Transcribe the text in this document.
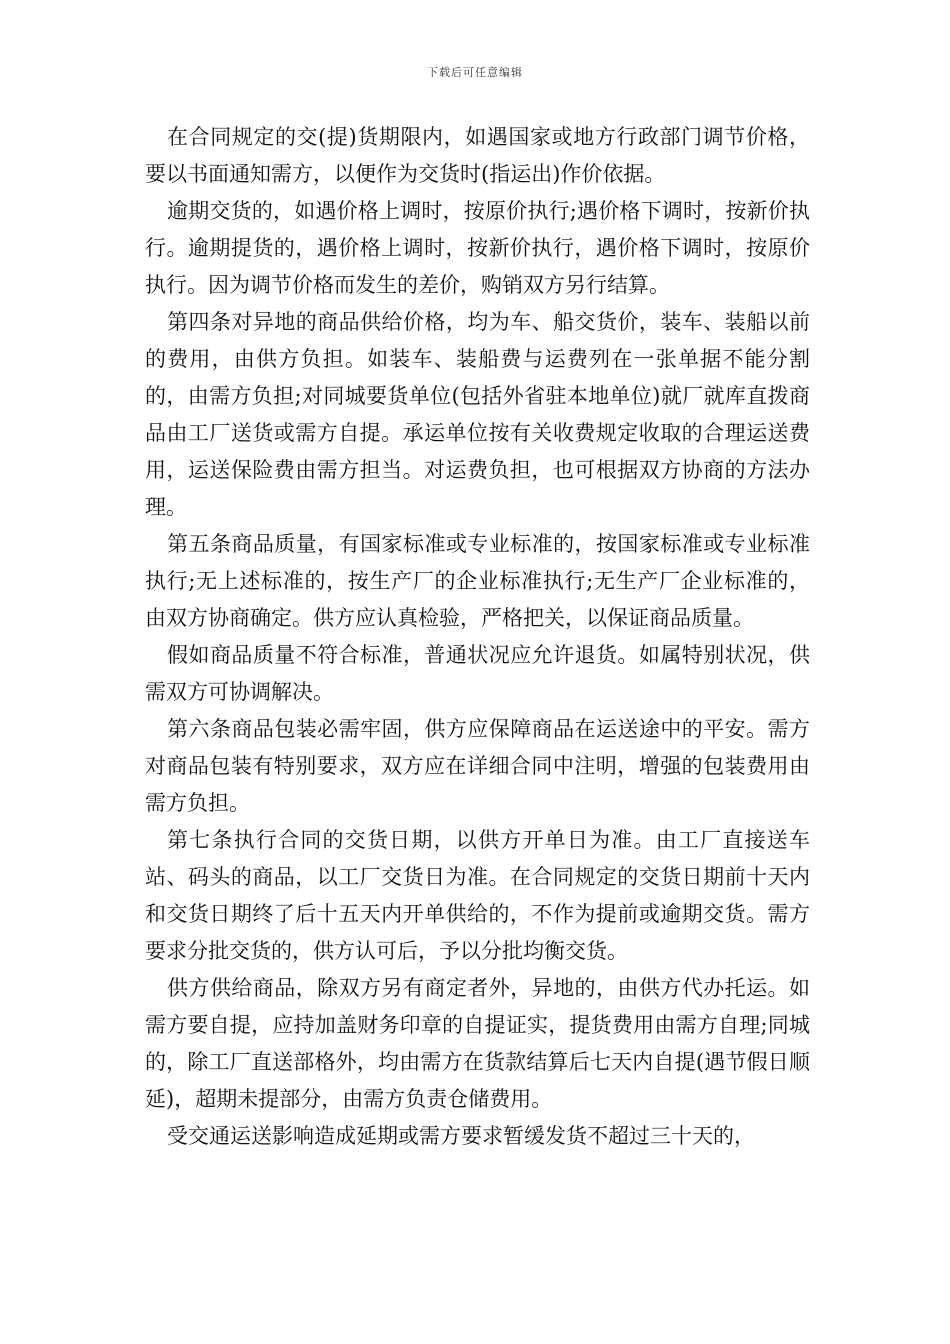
下载后可任意编辑

在合同规定的交(提)货期限内，如遇国家或地方行政部门调节价格，要以书面通知需方，以便作为交货时(指运出)作价依据。

逾期交货的，如遇价格上调时，按原价执行;遇价格下调时，按新价执行。逾期提货的，遇价格上调时，按新价执行，遇价格下调时，按原价执行。因为调节价格而发生的差价，购销双方另行结算。

第四条对异地的商品供给价格，均为车、船交货价，装车、装船以前的费用，由供方负担。如装车、装船费与运费列在一张单据不能分割的，由需方负担;对同城要货单位(包括外省驻本地单位)就厂就库直拨商品由工厂送货或需方自提。承运单位按有关收费规定收取的合理运送费用，运送保险费由需方担当。对运费负担，也可根据双方协商的方法办理。

第五条商品质量，有国家标准或专业标准的，按国家标准或专业标准执行;无上述标准的，按生产厂的企业标准执行;无生产厂企业标准的，由双方协商确定。供方应认真检验，严格把关，以保证商品质量。

假如商品质量不符合标准，普通状况应允许退货。如属特别状况，供需双方可协调解决。

第六条商品包装必需牢固，供方应保障商品在运送途中的平安。需方对商品包装有特别要求，双方应在详细合同中注明，增强的包装费用由需方负担。

第七条执行合同的交货日期，以供方开单日为准。由工厂直接送车站、码头的商品，以工厂交货日为准。在合同规定的交货日期前十天内和交货日期终了后十五天内开单供给的，不作为提前或逾期交货。需方要求分批交货的，供方认可后，予以分批均衡交货。

供方供给商品，除双方另有商定者外，异地的，由供方代办托运。如需方要自提，应持加盖财务印章的自提证实，提货费用由需方自理;同城的，除工厂直送部格外，均由需方在货款结算后七天内自提(遇节假日顺延)，超期未提部分，由需方负责仓储费用。

受交通运送影响造成延期或需方要求暂缓发货不超过三十天的，
